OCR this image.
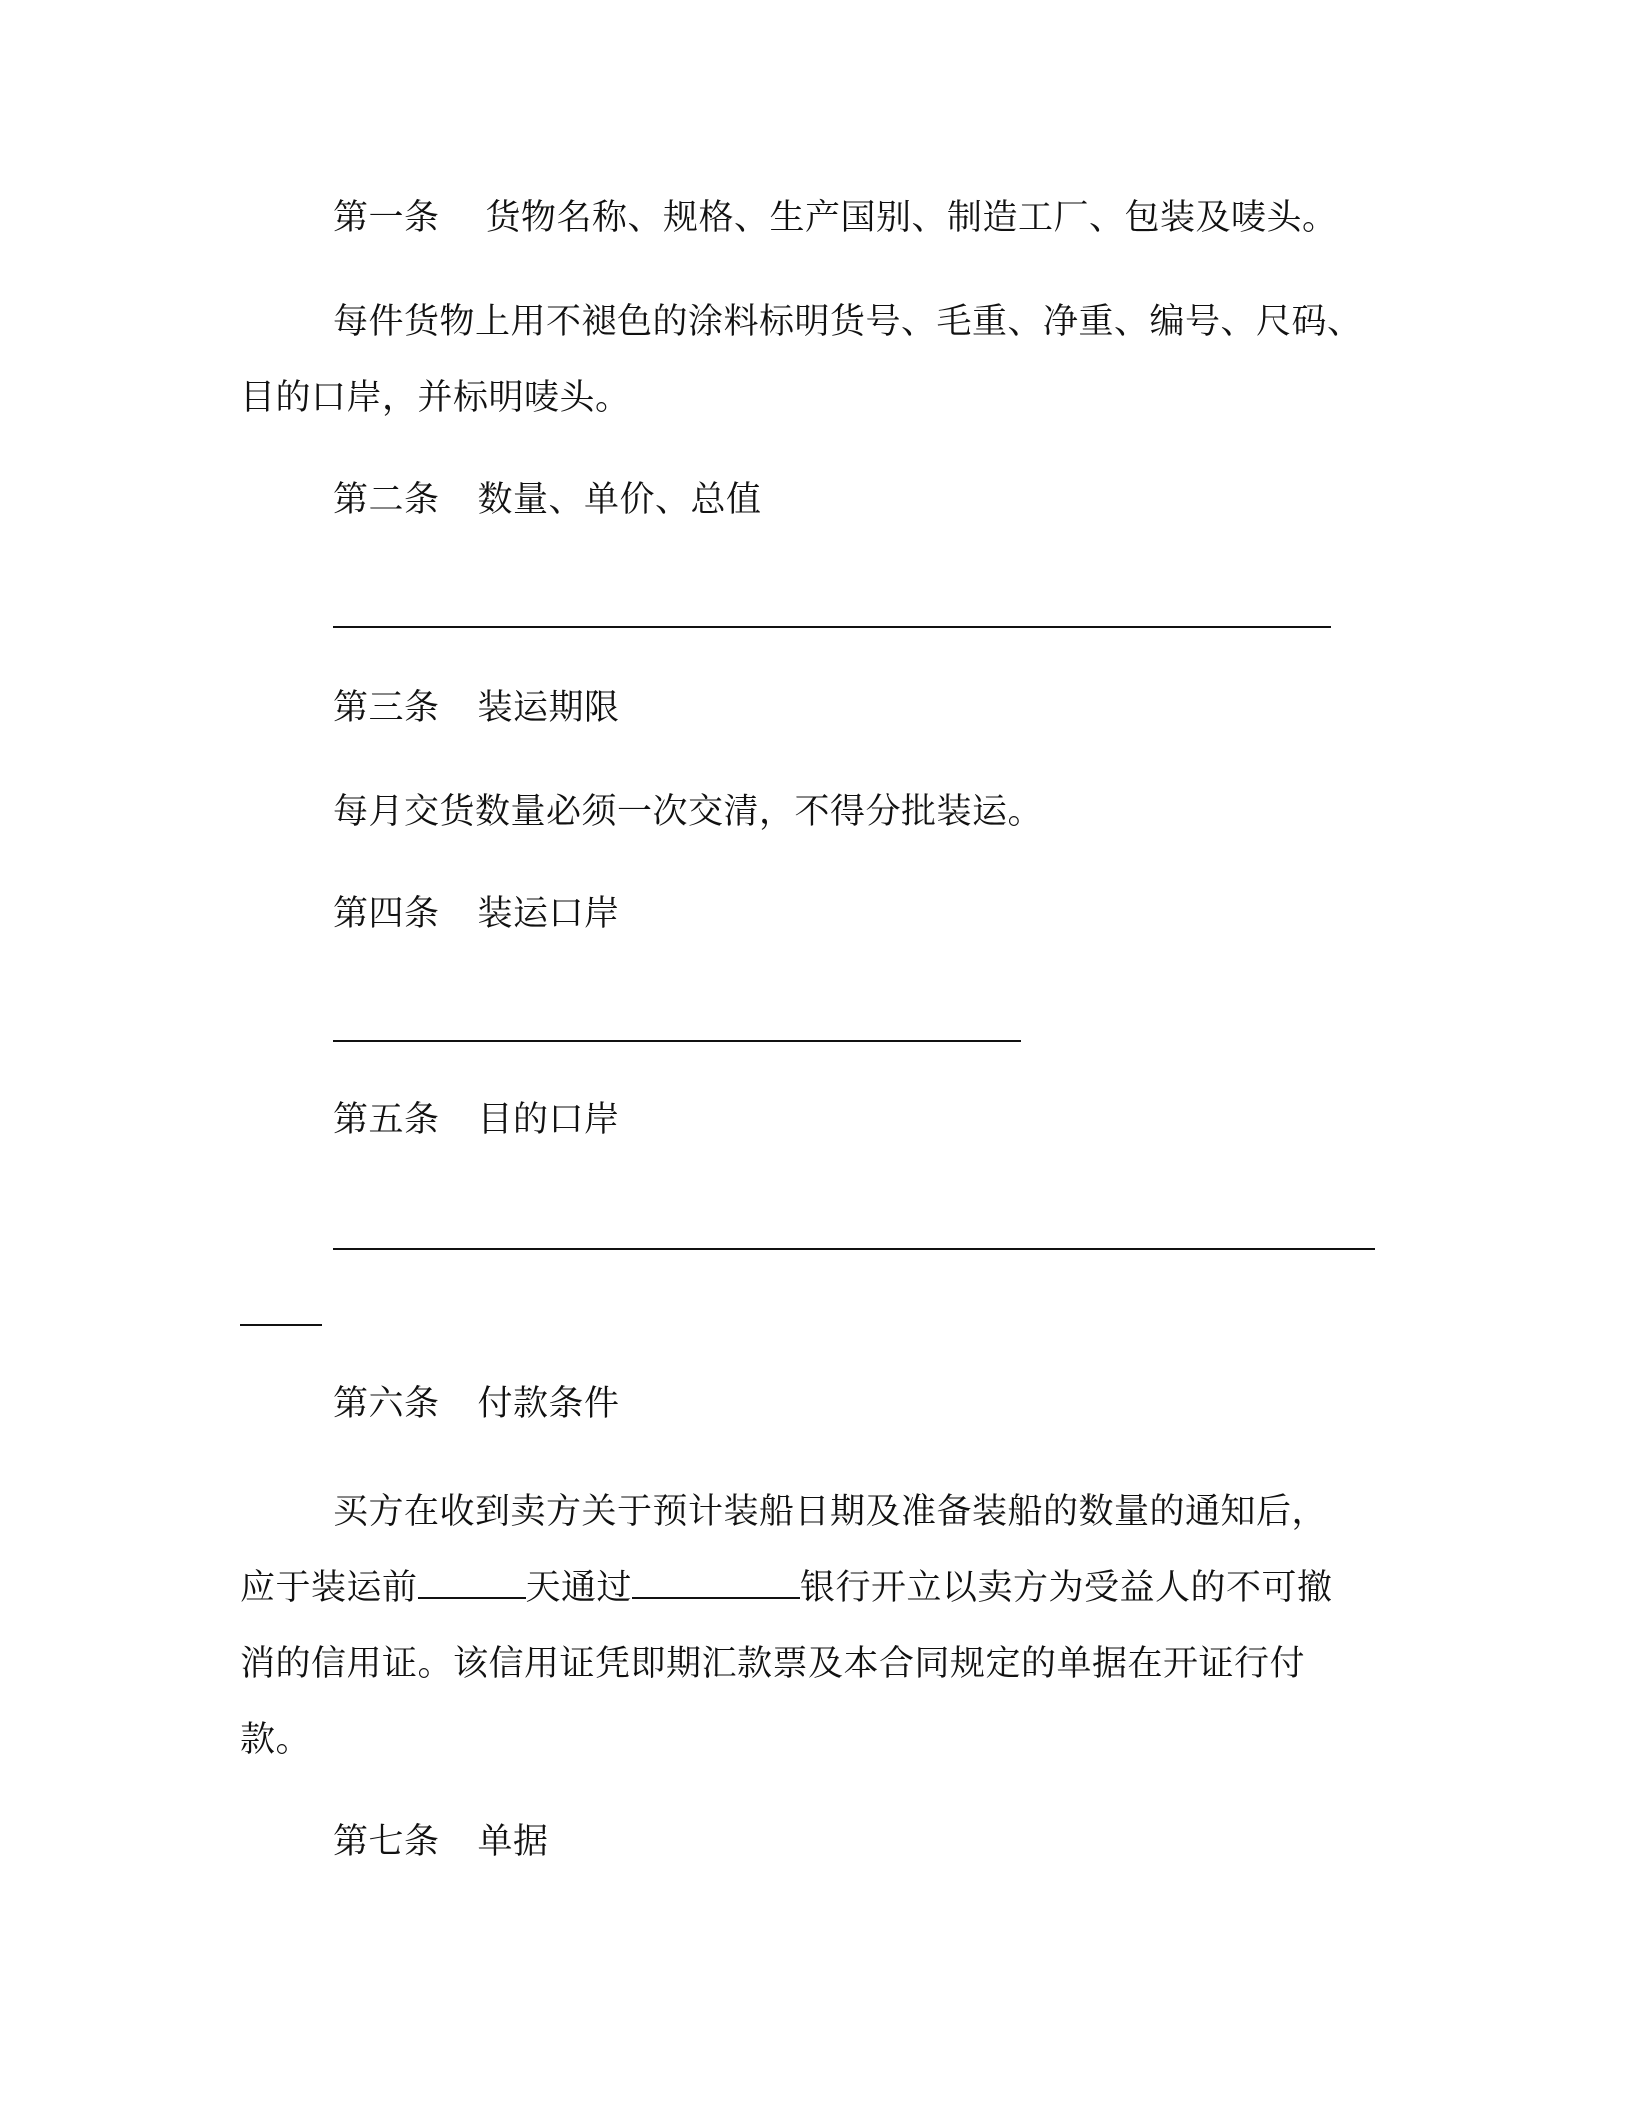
第一条 货物名称、规格、生产国别、制造工厂、包装及唛头。
每件货物上用不褪色的涂料标明货号、毛重、净重、编号、尺码、
目的口岸，并标明唛头。
第二条 数量、单价、总值
第三条 装运期限
每月交货数量必须一次交清，不得分批装运。
第四条 装运口岸
第五条 目的口岸
第六条 付款条件
买方在收到卖方关于预计装船日期及准备装船的数量的通知后，
应于装运前	天通过	银行开立以卖方为受益人的不可撤
消的信用证。该信用证凭即期汇款票及本合同规定的单据在开证行付
款。
第七条 单据
